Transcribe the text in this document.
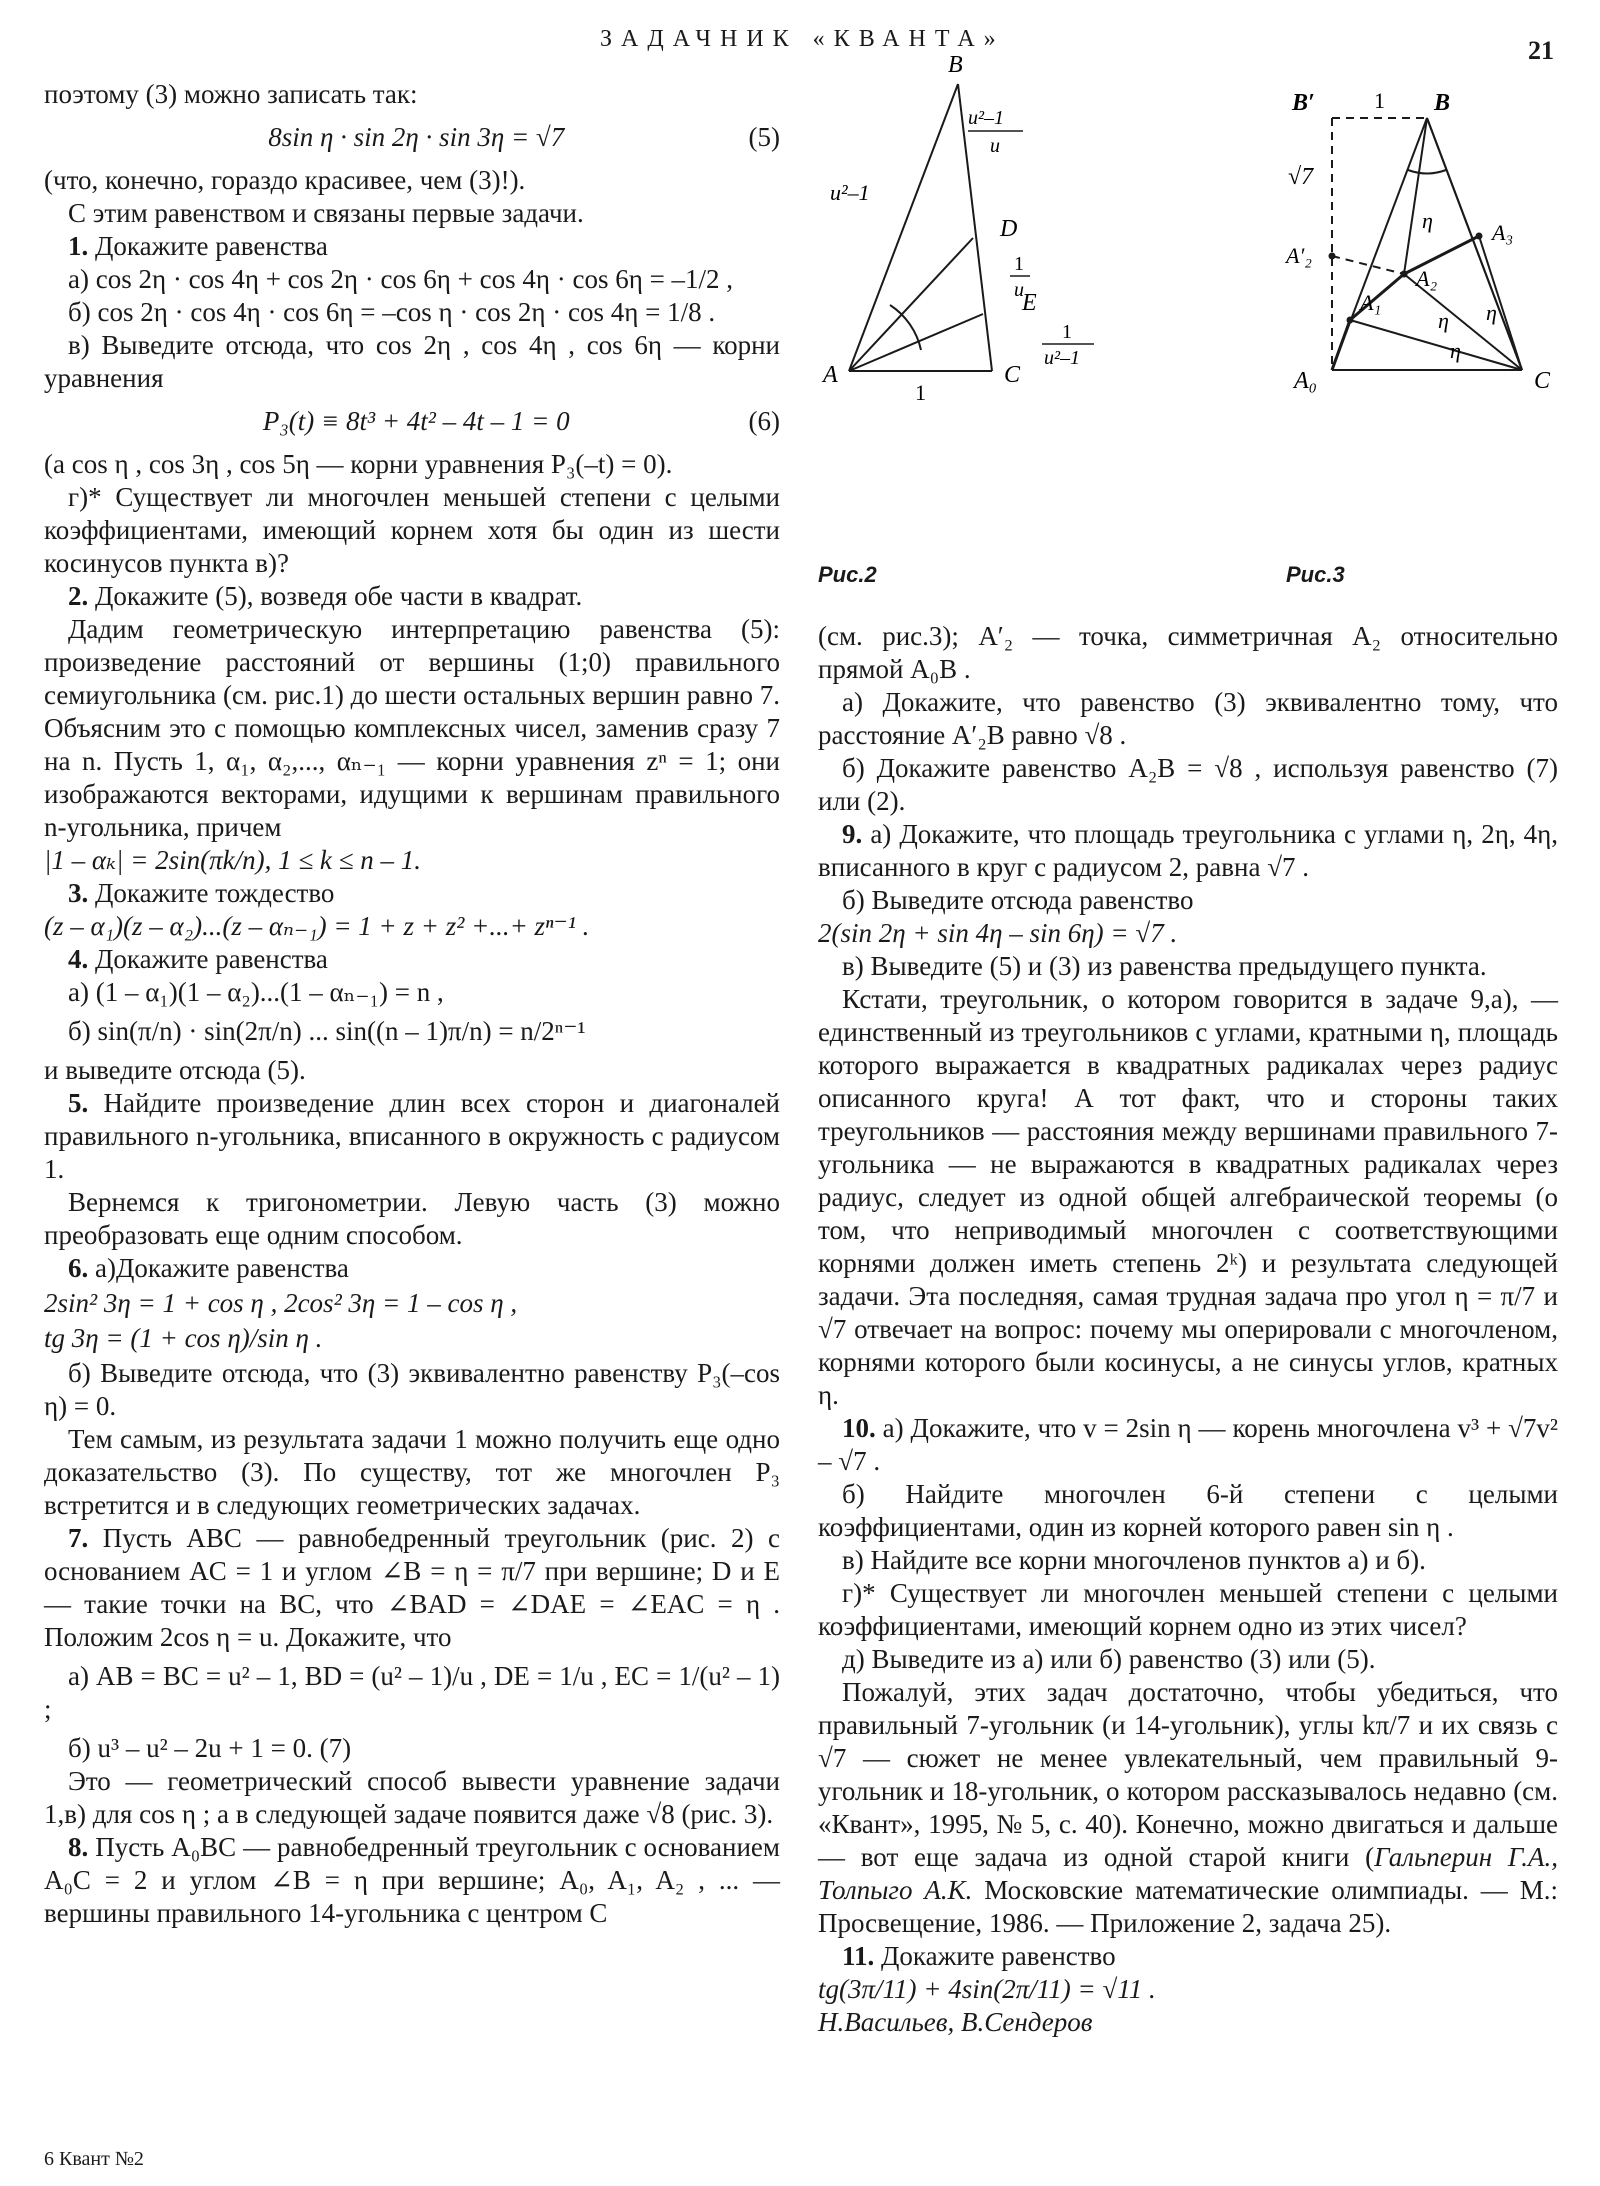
ЗАДАЧНИК «КВАНТА»	21
B
A	C
D
E
1
u²–1
u²–1
u
1
u
1
u²–1
Рис.2
B′	1 B
√7
η	A₃
A′₂
A₂
A₁
η η
η
A₀	C
Рис.3

поэтому (3) можно записать так:

8sin η · sin 2η · sin 3η = √7	(5)

(что, конечно, гораздо красивее, чем (3)!).

С этим равенством и связаны первые задачи.

1. Докажите равенства

а) cos 2η · cos 4η + cos 2η · cos 6η + cos 4η · cos 6η = –1/2 ,

б) cos 2η · cos 4η · cos 6η = –cos η · cos 2η · cos 4η = 1/8 .

в) Выведите отсюда, что cos 2η , cos 4η , cos 6η — корни уравнения

P₃(t) ≡ 8t³ + 4t² – 4t – 1 = 0	(6)

(а cos η , cos 3η , cos 5η — корни уравнения P₃(–t) = 0).

г)* Существует ли многочлен меньшей степени с целыми коэффициентами, имеющий корнем хотя бы один из шести косинусов пункта в)?

2. Докажите (5), возведя обе части в квадрат.

Дадим геометрическую интерпретацию равенства (5): произведение расстояний от вершины (1;0) правильного семиугольника (см. рис.1) до шести остальных вершин равно 7. Объясним это с помощью комплексных чисел, заменив сразу 7 на n. Пусть 1, α₁, α₂,..., αₙ₋₁ — корни уравнения zⁿ = 1; они изображаются векторами, идущими к вершинам правильного n-угольника, причем

|1 – αₖ| = 2sin(πk/n), 1 ≤ k ≤ n – 1.

3. Докажите тождество

(z – α₁)(z – α₂)...(z – αₙ₋₁) = 1 + z + z² +...+ zⁿ⁻¹ .

4. Докажите равенства

а) (1 – α₁)(1 – α₂)...(1 – αₙ₋₁) = n ,

б) sin(π/n) · sin(2π/n) ... sin((n – 1)π/n) = n/2ⁿ⁻¹

и выведите отсюда (5).

5. Найдите произведение длин всех сторон и диагоналей правильного n-угольника, вписанного в окружность с радиусом 1.

Вернемся к тригонометрии. Левую часть (3) можно преобразовать еще одним способом.

6. а)Докажите равенства

2sin² 3η = 1 + cos η , 2cos² 3η = 1 – cos η ,

tg 3η = (1 + cos η)/sin η .

б) Выведите отсюда, что (3) эквивалентно равенству P₃(–cos η) = 0.

Тем самым, из результата задачи 1 можно получить еще одно доказательство (3). По существу, тот же многочлен P₃ встретится и в следующих геометрических задачах.

7. Пусть ABC — равнобедренный треугольник (рис. 2) с основанием AC = 1 и углом ∠B = η = π/7 при вершине; D и E — такие точки на BC, что ∠BAD = ∠DAE = ∠EAC = η . Положим 2cos η = u. Докажите, что

а) AB = BC = u² – 1, BD = (u² – 1)/u , DE = 1/u , EC = 1/(u² – 1) ;

б) u³ – u² – 2u + 1 = 0. (7)

Это — геометрический способ вывести уравнение задачи 1,в) для cos η ; а в следующей задаче появится даже √8 (рис. 3).

8. Пусть A₀BC — равнобедренный треугольник с основанием A₀C = 2 и углом ∠B = η при вершине; A₀, A₁, A₂ , ... — вершины правильного 14-угольника с центром C

(см. рис.3); A′₂ — точка, симметричная A₂ относительно прямой A₀B .

а) Докажите, что равенство (3) эквивалентно тому, что расстояние A′₂B равно √8 .

б) Докажите равенство A₂B = √8 , используя равенство (7) или (2).

9. а) Докажите, что площадь треугольника с углами η, 2η, 4η, вписанного в круг с радиусом 2, равна √7 .

б) Выведите отсюда равенство

2(sin 2η + sin 4η – sin 6η) = √7 .

в) Выведите (5) и (3) из равенства предыдущего пункта.

Кстати, треугольник, о котором говорится в задаче 9,а), — единственный из треугольников с углами, кратными η, площадь которого выражается в квадратных радикалах через радиус описанного круга! А тот факт, что и стороны таких треугольников — расстояния между вершинами правильного 7-угольника — не выражаются в квадратных радикалах через радиус, следует из одной общей алгебраической теоремы (о том, что неприводимый многочлен с соответствующими корнями должен иметь степень 2ᵏ) и результата следующей задачи. Эта последняя, самая трудная задача про угол η = π/7 и √7 отвечает на вопрос: почему мы оперировали с многочленом, корнями которого были косинусы, а не синусы углов, кратных η.

10. а) Докажите, что v = 2sin η — корень многочлена v³ + √7v² – √7 .

б) Найдите многочлен 6-й степени с целыми коэффициентами, один из корней которого равен sin η .

в) Найдите все корни многочленов пунктов а) и б).

г)* Существует ли многочлен меньшей степени с целыми коэффициентами, имеющий корнем одно из этих чисел?

д) Выведите из а) или б) равенство (3) или (5).

Пожалуй, этих задач достаточно, чтобы убедиться, что правильный 7-угольник (и 14-угольник), углы kπ/7 и их связь с √7 — сюжет не менее увлекательный, чем правильный 9-угольник и 18-угольник, о котором рассказывалось недавно (см. «Квант», 1995, № 5, с. 40). Конечно, можно двигаться и дальше — вот еще задача из одной старой книги (Гальперин Г.А., Толпыго А.К. Московские математические олимпиады. — М.: Просвещение, 1986. — Приложение 2, задача 25).

11. Докажите равенство

tg(3π/11) + 4sin(2π/11) = √11 .

Н.Васильев, В.Сендеров

6 Квант №2
